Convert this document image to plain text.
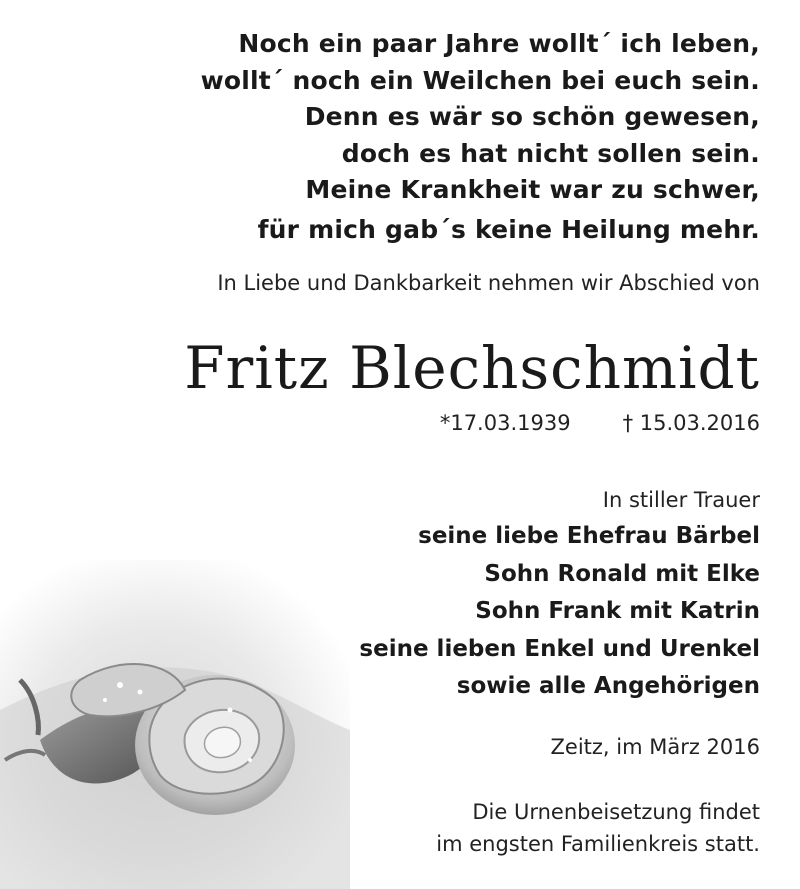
Noch ein paar Jahre wollt´ ich leben,
wollt´ noch ein Weilchen bei euch sein.
Denn es wär so schön gewesen,
doch es hat nicht sollen sein.
Meine Krankheit war zu schwer,
für mich gab´s keine Heilung mehr.
In Liebe und Dankbarkeit nehmen wir Abschied von
Fritz Blechschmidt
*17.03.1939 † 15.03.2016
In stiller Trauer
seine liebe Ehefrau Bärbel
Sohn Ronald mit Elke
Sohn Frank mit Katrin
seine lieben Enkel und Urenkel
sowie alle Angehörigen
Zeitz, im März 2016
Die Urnenbeisetzung findet
im engsten Familienkreis statt.
